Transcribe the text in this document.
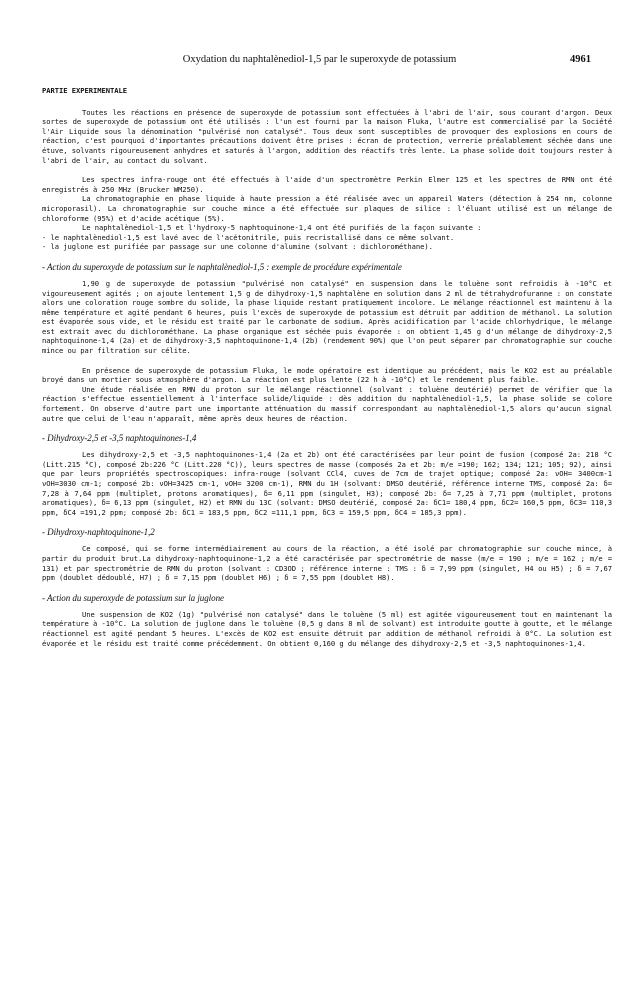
Oxydation du naphtalènediol-1,5 par le superoxyde de potassium	4961
PARTIE EXPERIMENTALE

Toutes les réactions en présence de superoxyde de potassium sont effectuées à l'abri de l'air, sous courant d'argon. Deux sortes de superoxyde de potassium ont été utilisés : l'un est fourni par la maison Fluka, l'autre est commercialisé par la Société l'Air Liquide sous la dénomination "pulvérisé non catalysé". Tous deux sont susceptibles de provoquer des explosions en cours de réaction, c'est pourquoi d'importantes précautions doivent être prises : écran de protection, verrerie préalablement séchée dans une étuve, solvants rigoureusement anhydres et saturés à l'argon, addition des réactifs très lente. La phase solide doit toujours rester à l'abri de l'air, au contact du solvant.

Les spectres infra-rouge ont été effectués à l'aide d'un spectromètre Perkin Elmer 125 et les spectres de RMN ont été enregistrés à 250 MHz (Brucker WM250).

La chromatographie en phase liquide à haute pression a été réalisée avec un appareil Waters (détection à 254 nm, colonne microporasil). La chromatographie sur couche mince a été effectuée sur plaques de silice : l'éluant utilisé est un mélange de chloroforme (95%) et d'acide acétique (5%).

Le naphtalènediol-1,5 et l'hydroxy-5 naphtoquinone-1,4 ont été purifiés de la façon suivante :

- le naphtalènediol-1,5 est lavé avec de l'acétonitrile, puis recristallisé dans ce même solvant.

- la juglone est purifiée par passage sur une colonne d'alumine (solvant : dichlorométhane).

- Action du superoxyde de potassium sur le naphtalènediol-1,5 : exemple de procédure expérimentale

1,90 g de superoxyde de potassium "pulvérisé non catalysé" en suspension dans le toluène sont refroidis à -10°C et vigoureusement agités ; on ajoute lentement 1,5 g de dihydroxy-1,5 naphtalène en solution dans 2 ml de tétrahydrofuranne : on constate alors une coloration rouge sombre du solide, la phase liquide restant pratiquement incolore. Le mélange réactionnel est maintenu à la même température et agité pendant 6 heures, puis l'excès de superoxyde de potassium est détruit par addition de méthanol. La solution est évaporée sous vide, et le résidu est traité par le carbonate de sodium. Après acidification par l'acide chlorhydrique, le mélange est extrait avec du dichlorométhane. La phase organique est séchée puis évaporée : on obtient 1,45 g d'un mélange de dihydroxy-2,5 naphtoquinone-1,4 (2a) et de dihydroxy-3,5 naphtoquinone-1,4 (2b) (rendement 90%) que l'on peut séparer par chromatographie sur couche mince ou par filtration sur célite.

En présence de superoxyde de potassium Fluka, le mode opératoire est identique au précédent, mais le KO2 est au préalable broyé dans un mortier sous atmosphère d'argon. La réaction est plus lente (22 h à -10°C) et le rendement plus faible.

Une étude réalisée en RMN du proton sur le mélange réactionnel (solvant : toluène deutérié) permet de vérifier que la réaction s'effectue essentiellement à l'interface solide/liquide : dès addition du naphtalènediol-1,5, la phase solide se colore fortement. On observe d'autre part une importante atténuation du massif correspondant au naphtalènediol-1,5 alors qu'aucun signal autre que celui de l'eau n'apparaît, même après deux heures de réaction.

- Dihydroxy-2,5 et -3,5 naphtoquinones-1,4

Les dihydroxy-2,5 et -3,5 naphtoquinones-1,4 (2a et 2b) ont été caractérisées par leur point de fusion (composé 2a: 218 °C (Litt.215 °C), composé 2b:226 °C (Litt.220 °C)), leurs spectres de masse (composés 2a et 2b: m/e =190; 162; 134; 121; 105; 92), ainsi que par leurs propriétés spectroscopiques: infra-rouge (solvant CCl4, cuves de 7cm de trajet optique; composé 2a: νOH= 3400cm-1 νOH=3030 cm-1; composé 2b: νOH=3425 cm-1, νOH= 3200 cm-1), RMN du 1H (solvant: DMSO deutérié, référence interne TMS, composé 2a: δ= 7,28 à 7,64 ppm (multiplet, protons aromatiques), δ= 6,11 ppm (singulet, H3); composé 2b: δ= 7,25 à 7,71 ppm (multiplet, protons aromatiques), δ= 6,13 ppm (singulet, H2) et RMN du 13C (solvant: DMSO deutérié, composé 2a: δC1= 180,4 ppm, δC2= 160,5 ppm, δC3= 110,3 ppm, δC4 =191,2 ppm; composé 2b: δC1 = 183,5 ppm, δC2 =111,1 ppm, δC3 = 159,5 ppm, δC4 = 185,3 ppm).

- Dihydroxy-naphtoquinone-1,2

Ce composé, qui se forme intermédiairement au cours de la réaction, a été isolé par chromatographie sur couche mince, à partir du produit brut.La dihydroxy-naphtoquinone-1,2 a été caractérisée par spectrométrie de masse (m/e = 190 ; m/e = 162 ; m/e = 131) et par spectrométrie de RMN du proton (solvant : CD3OD ; référence interne : TMS : δ = 7,99 ppm (singulet, H4 ou H5) ; δ = 7,67 ppm (doublet dédoublé, H7) ; δ = 7,15 ppm (doublet H6) ; δ = 7,55 ppm (doublet H8).

- Action du superoxyde de potassium sur la juglone

Une suspension de KO2 (1g) "pulvérisé non catalysé" dans le toluène (5 ml) est agitée vigoureusement tout en maintenant la température à -10°C. La solution de juglone dans le toluène (0,5 g dans 8 ml de solvant) est introduite goutte à goutte, et le mélange réactionnel est agité pendant 5 heures. L'excès de KO2 est ensuite détruit par addition de méthanol refroidi à 0°C. La solution est évaporée et le résidu est traité comme précédemment. On obtient 0,160 g du mélange des dihydroxy-2,5 et -3,5 naphtoquinones-1,4.
